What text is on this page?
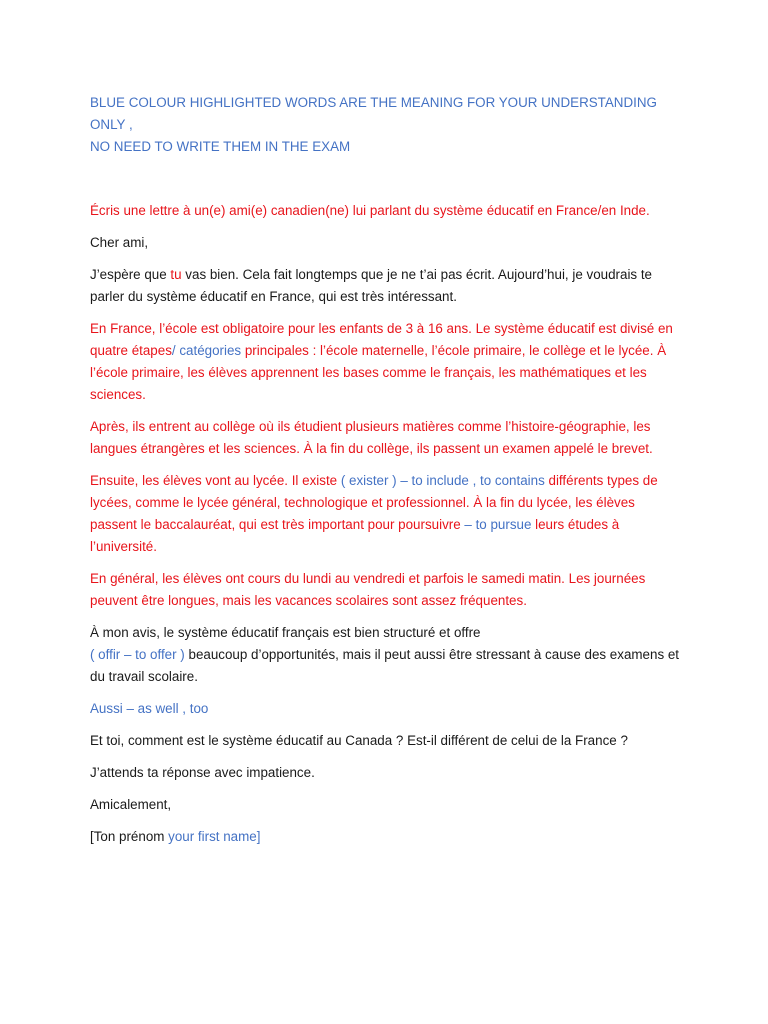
BLUE COLOUR HIGHLIGHTED WORDS ARE THE MEANING FOR YOUR UNDERSTANDING ONLY ,
NO NEED TO WRITE THEM IN THE EXAM

Écris une lettre à un(e) ami(e) canadien(ne) lui parlant du système éducatif en France/en Inde.

Cher ami,

J’espère que tu vas bien. Cela fait longtemps que je ne t’ai pas écrit. Aujourd’hui, je voudrais te parler du système éducatif en France, qui est très intéressant.

En France, l’école est obligatoire pour les enfants de 3 à 16 ans. Le système éducatif est divisé en quatre étapes/ catégories principales : l’école maternelle, l’école primaire, le collège et le lycée. À l’école primaire, les élèves apprennent les bases comme le français, les mathématiques et les sciences.

Après, ils entrent au collège où ils étudient plusieurs matières comme l’histoire-géographie, les langues étrangères et les sciences. À la fin du collège, ils passent un examen appelé le brevet.

Ensuite, les élèves vont au lycée. Il existe ( exister ) – to include , to contains différents types de lycées, comme le lycée général, technologique et professionnel. À la fin du lycée, les élèves passent le baccalauréat, qui est très important pour poursuivre – to pursue leurs études à l’université.

En général, les élèves ont cours du lundi au vendredi et parfois le samedi matin. Les journées peuvent être longues, mais les vacances scolaires sont assez fréquentes.

À mon avis, le système éducatif français est bien structuré et offre
( offir – to offer ) beaucoup d’opportunités, mais il peut aussi être stressant à cause des examens et du travail scolaire.

Aussi – as well , too

Et toi, comment est le système éducatif au Canada ? Est-il différent de celui de la France ?

J’attends ta réponse avec impatience.

Amicalement,

[Ton prénom your first name]
